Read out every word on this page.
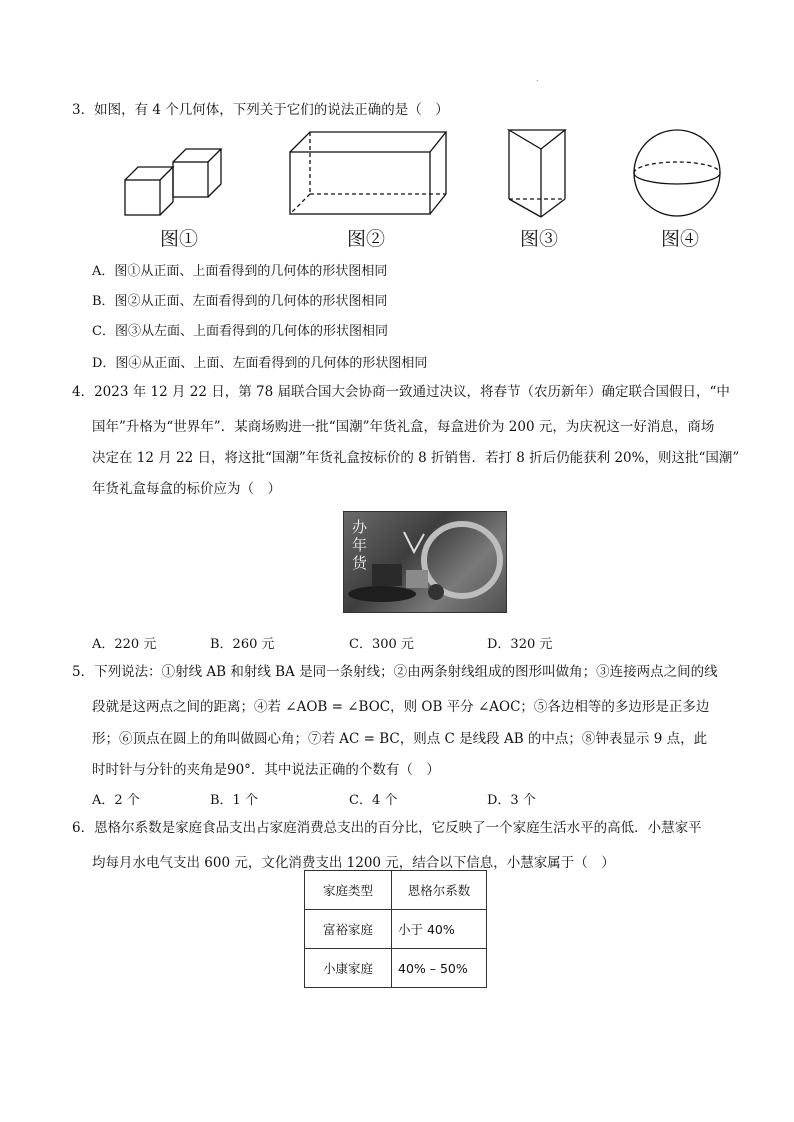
.
3．如图，有 4 个几何体，下列关于它们的说法正确的是（　）
图①	图②	图③	图④
A．图①从正面、上面看得到的几何体的形状图相同
B．图②从正面、左面看得到的几何体的形状图相同
C．图③从左面、上面看得到的几何体的形状图相同
D．图④从正面、上面、左面看得到的几何体的形状图相同
4．2023 年 12 月 22 日，第 78 届联合国大会协商一致通过决议，将春节（农历新年）确定联合国假日，“中
国年”升格为“世界年”．某商场购进一批“国潮”年货礼盒，每盒进价为 200 元，为庆祝这一好消息，商场
决定在 12 月 22 日，将这批“国潮”年货礼盒按标价的 8 折销售．若打 8 折后仍能获利 20%，则这批“国潮”
年货礼盒每盒的标价应为（　）
办年货
A．220 元	B．260 元	C．300 元	D．320 元
5．下列说法：①射线 AB 和射线 BA 是同一条射线；②由两条射线组成的图形叫做角；③连接两点之间的线
段就是这两点之间的距离；④若 ∠AOB = ∠BOC，则 OB 平分 ∠AOC；⑤各边相等的多边形是正多边
形；⑥顶点在圆上的角叫做圆心角；⑦若 AC = BC，则点 C 是线段 AB 的中点；⑧钟表显示 9 点，此
时时针与分针的夹角是90°．其中说法正确的个数有（　）
A．2 个	B．1 个	C．4 个	D．3 个
6．恩格尔系数是家庭食品支出占家庭消费总支出的百分比，它反映了一个家庭生活水平的高低．小慧家平
均每月水电气支出 600 元，文化消费支出 1200 元，结合以下信息，小慧家属于（　）
家庭类型	恩格尔系数
富裕家庭	小于 40%
小康家庭	40% – 50%
